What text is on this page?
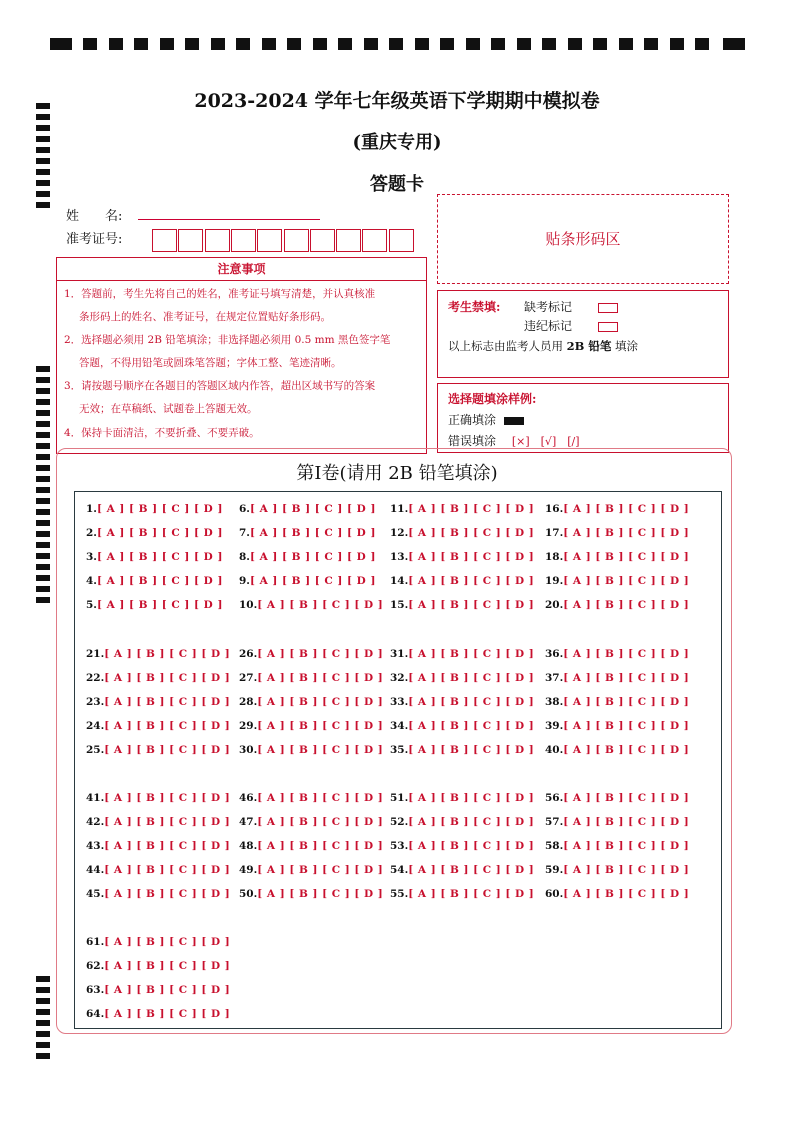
2023-2024 学年七年级英语下学期期中模拟卷
(重庆专用)
答题卡
姓　　名:
准考证号:	贴条形码区
注意事项
1．答题前，考生先将自己的姓名，准考证号填写清楚，并认真核准
条形码上的姓名、准考证号，在规定位置贴好条形码。
2．选择题必须用 2B 铅笔填涂；非选择题必须用 0.5 mm 黑色签字笔
答题，不得用铅笔或圆珠笔答题；字体工整、笔迹清晰。
3．请按题号顺序在各题目的答题区域内作答，超出区域书写的答案
无效；在草稿纸、试题卷上答题无效。
4．保持卡面清洁，不要折叠、不要弄破。
考生禁填: 缺考标记
违纪标记
以上标志由监考人员用 2B 铅笔 填涂
选择题填涂样例:
正确填涂
错误填涂 [×]　[√]　[/]
第Ⅰ卷(请用 2B 铅笔填涂)
1.[ A ] [ B ] [ C ] [ D ]
2.[ A ] [ B ] [ C ] [ D ]
3.[ A ] [ B ] [ C ] [ D ]
4.[ A ] [ B ] [ C ] [ D ]
5.[ A ] [ B ] [ C ] [ D ]
6.[ A ] [ B ] [ C ] [ D ]
7.[ A ] [ B ] [ C ] [ D ]
8.[ A ] [ B ] [ C ] [ D ]
9.[ A ] [ B ] [ C ] [ D ]
10.[ A ] [ B ] [ C ] [ D ]
11.[ A ] [ B ] [ C ] [ D ]
12.[ A ] [ B ] [ C ] [ D ]
13.[ A ] [ B ] [ C ] [ D ]
14.[ A ] [ B ] [ C ] [ D ]
15.[ A ] [ B ] [ C ] [ D ]
16.[ A ] [ B ] [ C ] [ D ]
17.[ A ] [ B ] [ C ] [ D ]
18.[ A ] [ B ] [ C ] [ D ]
19.[ A ] [ B ] [ C ] [ D ]
20.[ A ] [ B ] [ C ] [ D ]
21.[ A ] [ B ] [ C ] [ D ]
22.[ A ] [ B ] [ C ] [ D ]
23.[ A ] [ B ] [ C ] [ D ]
24.[ A ] [ B ] [ C ] [ D ]
25.[ A ] [ B ] [ C ] [ D ]
26.[ A ] [ B ] [ C ] [ D ]
27.[ A ] [ B ] [ C ] [ D ]
28.[ A ] [ B ] [ C ] [ D ]
29.[ A ] [ B ] [ C ] [ D ]
30.[ A ] [ B ] [ C ] [ D ]
31.[ A ] [ B ] [ C ] [ D ]
32.[ A ] [ B ] [ C ] [ D ]
33.[ A ] [ B ] [ C ] [ D ]
34.[ A ] [ B ] [ C ] [ D ]
35.[ A ] [ B ] [ C ] [ D ]
36.[ A ] [ B ] [ C ] [ D ]
37.[ A ] [ B ] [ C ] [ D ]
38.[ A ] [ B ] [ C ] [ D ]
39.[ A ] [ B ] [ C ] [ D ]
40.[ A ] [ B ] [ C ] [ D ]
41.[ A ] [ B ] [ C ] [ D ]
42.[ A ] [ B ] [ C ] [ D ]
43.[ A ] [ B ] [ C ] [ D ]
44.[ A ] [ B ] [ C ] [ D ]
45.[ A ] [ B ] [ C ] [ D ]
46.[ A ] [ B ] [ C ] [ D ]
47.[ A ] [ B ] [ C ] [ D ]
48.[ A ] [ B ] [ C ] [ D ]
49.[ A ] [ B ] [ C ] [ D ]
50.[ A ] [ B ] [ C ] [ D ]
51.[ A ] [ B ] [ C ] [ D ]
52.[ A ] [ B ] [ C ] [ D ]
53.[ A ] [ B ] [ C ] [ D ]
54.[ A ] [ B ] [ C ] [ D ]
55.[ A ] [ B ] [ C ] [ D ]
56.[ A ] [ B ] [ C ] [ D ]
57.[ A ] [ B ] [ C ] [ D ]
58.[ A ] [ B ] [ C ] [ D ]
59.[ A ] [ B ] [ C ] [ D ]
60.[ A ] [ B ] [ C ] [ D ]
61.[ A ] [ B ] [ C ] [ D ]
62.[ A ] [ B ] [ C ] [ D ]
63.[ A ] [ B ] [ C ] [ D ]
64.[ A ] [ B ] [ C ] [ D ]
